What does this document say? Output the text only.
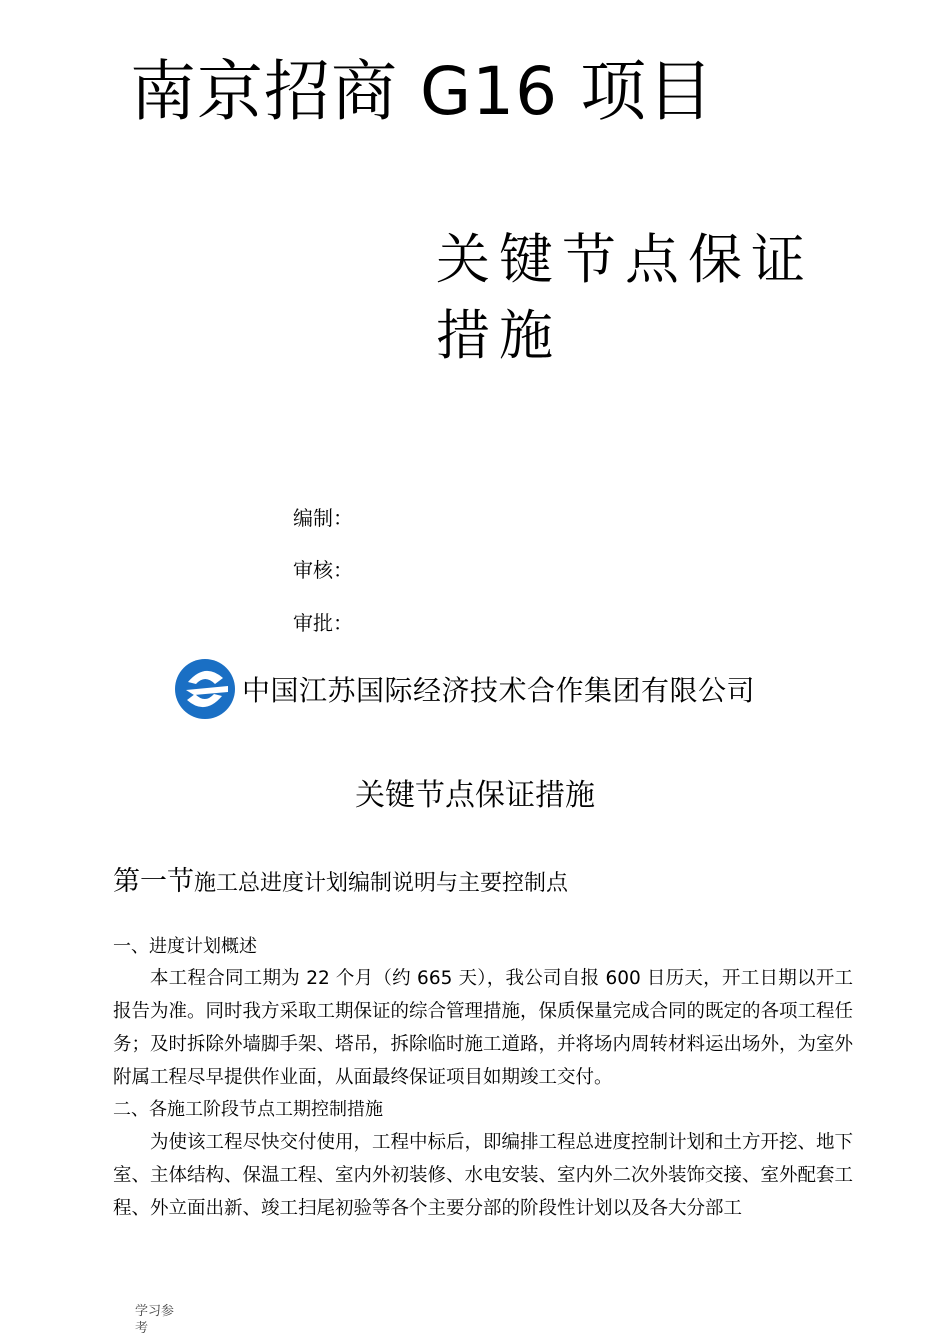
南京招商 G16 项目
关键节点保证措施
编制：
审核：
审批：
中国江苏国际经济技术合作集团有限公司
关键节点保证措施
第一节施工总进度计划编制说明与主要控制点
一、进度计划概述
本工程合同工期为 22 个月（约 665 天），我公司自报 600 日历天，开工日期以开工报告为准。同时我方采取工期保证的综合管理措施，保质保量完成合同的既定的各项工程任务；及时拆除外墙脚手架、塔吊，拆除临时施工道路，并将场内周转材料运出场外，为室外附属工程尽早提供作业面，从面最终保证项目如期竣工交付。
二、各施工阶段节点工期控制措施
为使该工程尽快交付使用，工程中标后，即编排工程总进度控制计划和土方开挖、地下室、主体结构、保温工程、室内外初装修、水电安装、室内外二次外装饰交接、室外配套工程、外立面出新、竣工扫尾初验等各个主要分部的阶段性计划以及各大分部工
学习参考
